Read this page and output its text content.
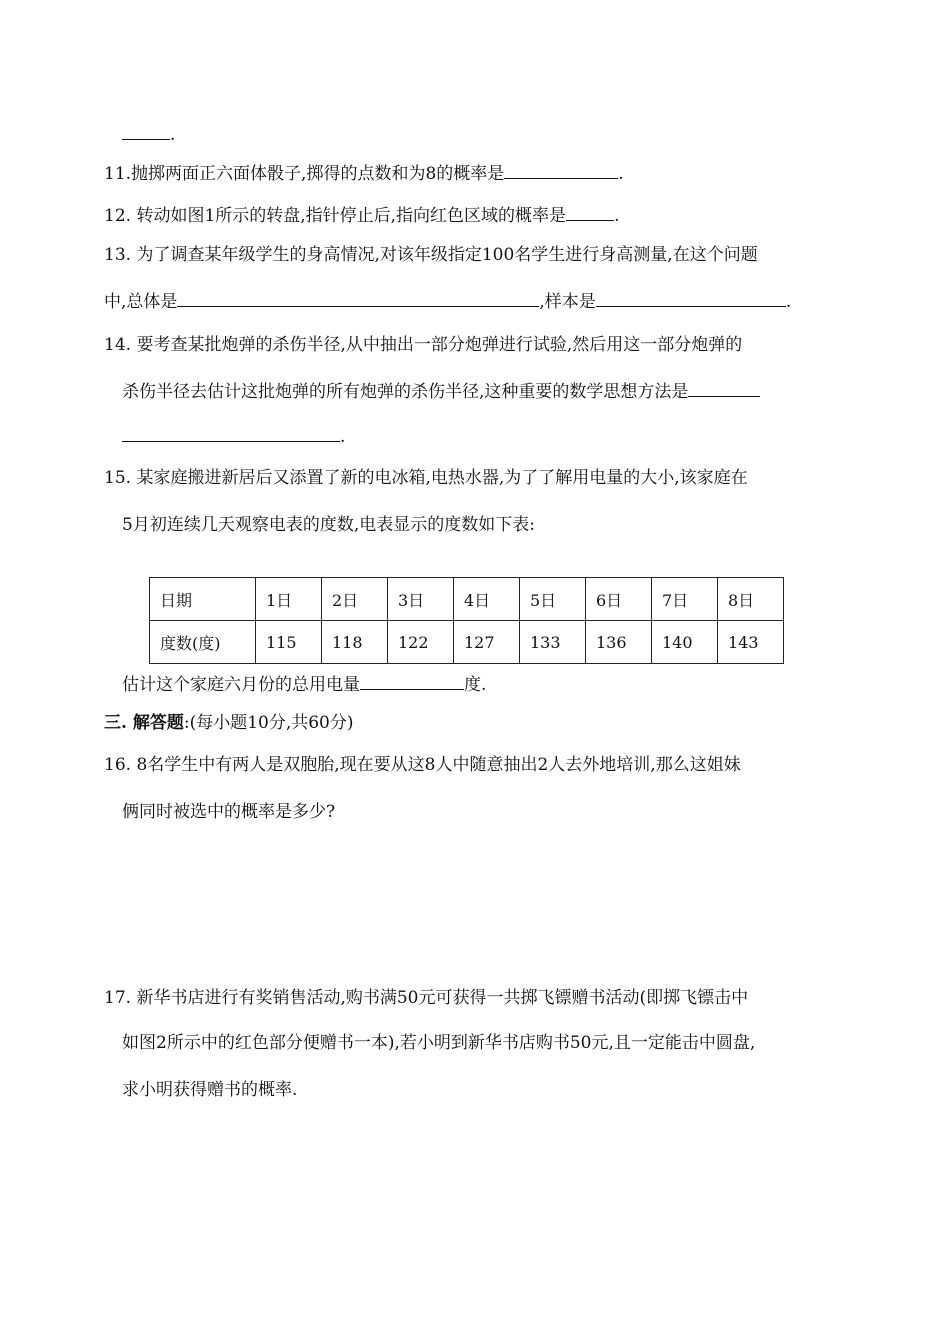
.
11.抛掷两面正六面体骰子,掷得的点数和为8的概率是	.
12. 转动如图1所示的转盘,指针停止后,指向红色区域的概率是	.
13. 为了调查某年级学生的身高情况,对该年级指定100名学生进行身高测量,在这个问题
中,总体是	,样本是	.
14. 要考查某批炮弹的杀伤半径,从中抽出一部分炮弹进行试验,然后用这一部分炮弹的
杀伤半径去估计这批炮弹的所有炮弹的杀伤半径,这种重要的数学思想方法是
.
15. 某家庭搬进新居后又添置了新的电冰箱,电热水器,为了了解用电量的大小,该家庭在
5月初连续几天观察电表的度数,电表显示的度数如下表:
日期	1日	2日	3日	4日	5日	6日	7日	8日
度数(度)	115	118	122	127	133	136	140	143
估计这个家庭六月份的总用电量	度.
三. 解答题:(每小题10分,共60分)
16. 8名学生中有两人是双胞胎,现在要从这8人中随意抽出2人去外地培训,那么这姐妹
俩同时被选中的概率是多少?
17. 新华书店进行有奖销售活动,购书满50元可获得一共掷飞镖赠书活动(即掷飞镖击中
如图2所示中的红色部分便赠书一本),若小明到新华书店购书50元,且一定能击中圆盘,
求小明获得赠书的概率.
